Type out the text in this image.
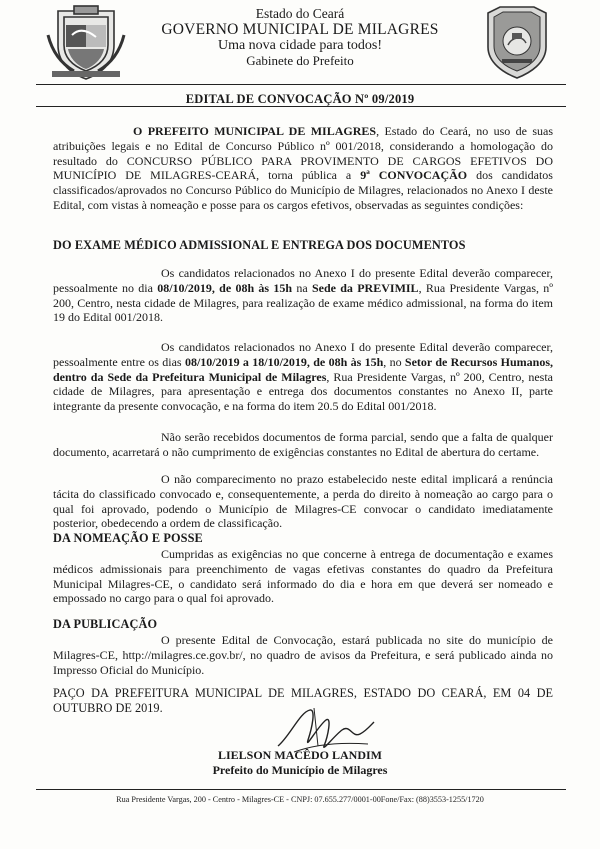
Estado do Ceará
GOVERNO MUNICIPAL DE MILAGRES
Uma nova cidade para todos!
Gabinete do Prefeito
EDITAL DE CONVOCAÇÃO Nº 09/2019

O PREFEITO MUNICIPAL DE MILAGRES, Estado do Ceará, no uso de suas atribuições legais e no Edital de Concurso Público nº 001/2018, considerando a homologação do resultado do CONCURSO PÚBLICO PARA PROVIMENTO DE CARGOS EFETIVOS DO MUNICÍPIO DE MILAGRES-CEARÁ, torna pública a 9ª CONVOCAÇÃO dos candidatos classificados/aprovados no Concurso Público do Município de Milagres, relacionados no Anexo I deste Edital, com vistas à nomeação e posse para os cargos efetivos, observadas as seguintes condições:

DO EXAME MÉDICO ADMISSIONAL E ENTREGA DOS DOCUMENTOS

Os candidatos relacionados no Anexo I do presente Edital deverão comparecer, pessoalmente no dia 08/10/2019, de 08h às 15h na Sede da PREVIMIL, Rua Presidente Vargas, nº 200, Centro, nesta cidade de Milagres, para realização de exame médico admissional, na forma do item 19 do Edital 001/2018.

Os candidatos relacionados no Anexo I do presente Edital deverão comparecer, pessoalmente entre os dias 08/10/2019 a 18/10/2019, de 08h às 15h, no Setor de Recursos Humanos, dentro da Sede da Prefeitura Municipal de Milagres, Rua Presidente Vargas, nº 200, Centro, nesta cidade de Milagres, para apresentação e entrega dos documentos constantes no Anexo II, parte integrante da presente convocação, e na forma do item 20.5 do Edital 001/2018.

Não serão recebidos documentos de forma parcial, sendo que a falta de qualquer documento, acarretará o não cumprimento de exigências constantes no Edital de abertura do certame.

O não comparecimento no prazo estabelecido neste edital implicará a renúncia tácita do classificado convocado e, consequentemente, a perda do direito à nomeação ao cargo para o qual foi aprovado, podendo o Município de Milagres-CE convocar o candidato imediatamente posterior, obedecendo a ordem de classificação.

DA NOMEAÇÃO E POSSE

Cumpridas as exigências no que concerne à entrega de documentação e exames médicos admissionais para preenchimento de vagas efetivas constantes do quadro da Prefeitura Municipal Milagres-CE, o candidato será informado do dia e hora em que deverá ser nomeado e empossado no cargo para o qual foi aprovado.

DA PUBLICAÇÃO

O presente Edital de Convocação, estará publicada no site do município de Milagres-CE, http://milagres.ce.gov.br/, no quadro de avisos da Prefeitura, e será publicado ainda no Impresso Oficial do Município.

PAÇO DA PREFEITURA MUNICIPAL DE MILAGRES, ESTADO DO CEARÁ, EM 04 DE OUTUBRO DE 2019.

LIELSON MACÊDO LANDIM

Prefeito do Município de Milagres

Rua Presidente Vargas, 200 - Centro - Milagres-CE - CNPJ: 07.655.277/0001-00Fone/Fax: (88)3553-1255/1720
